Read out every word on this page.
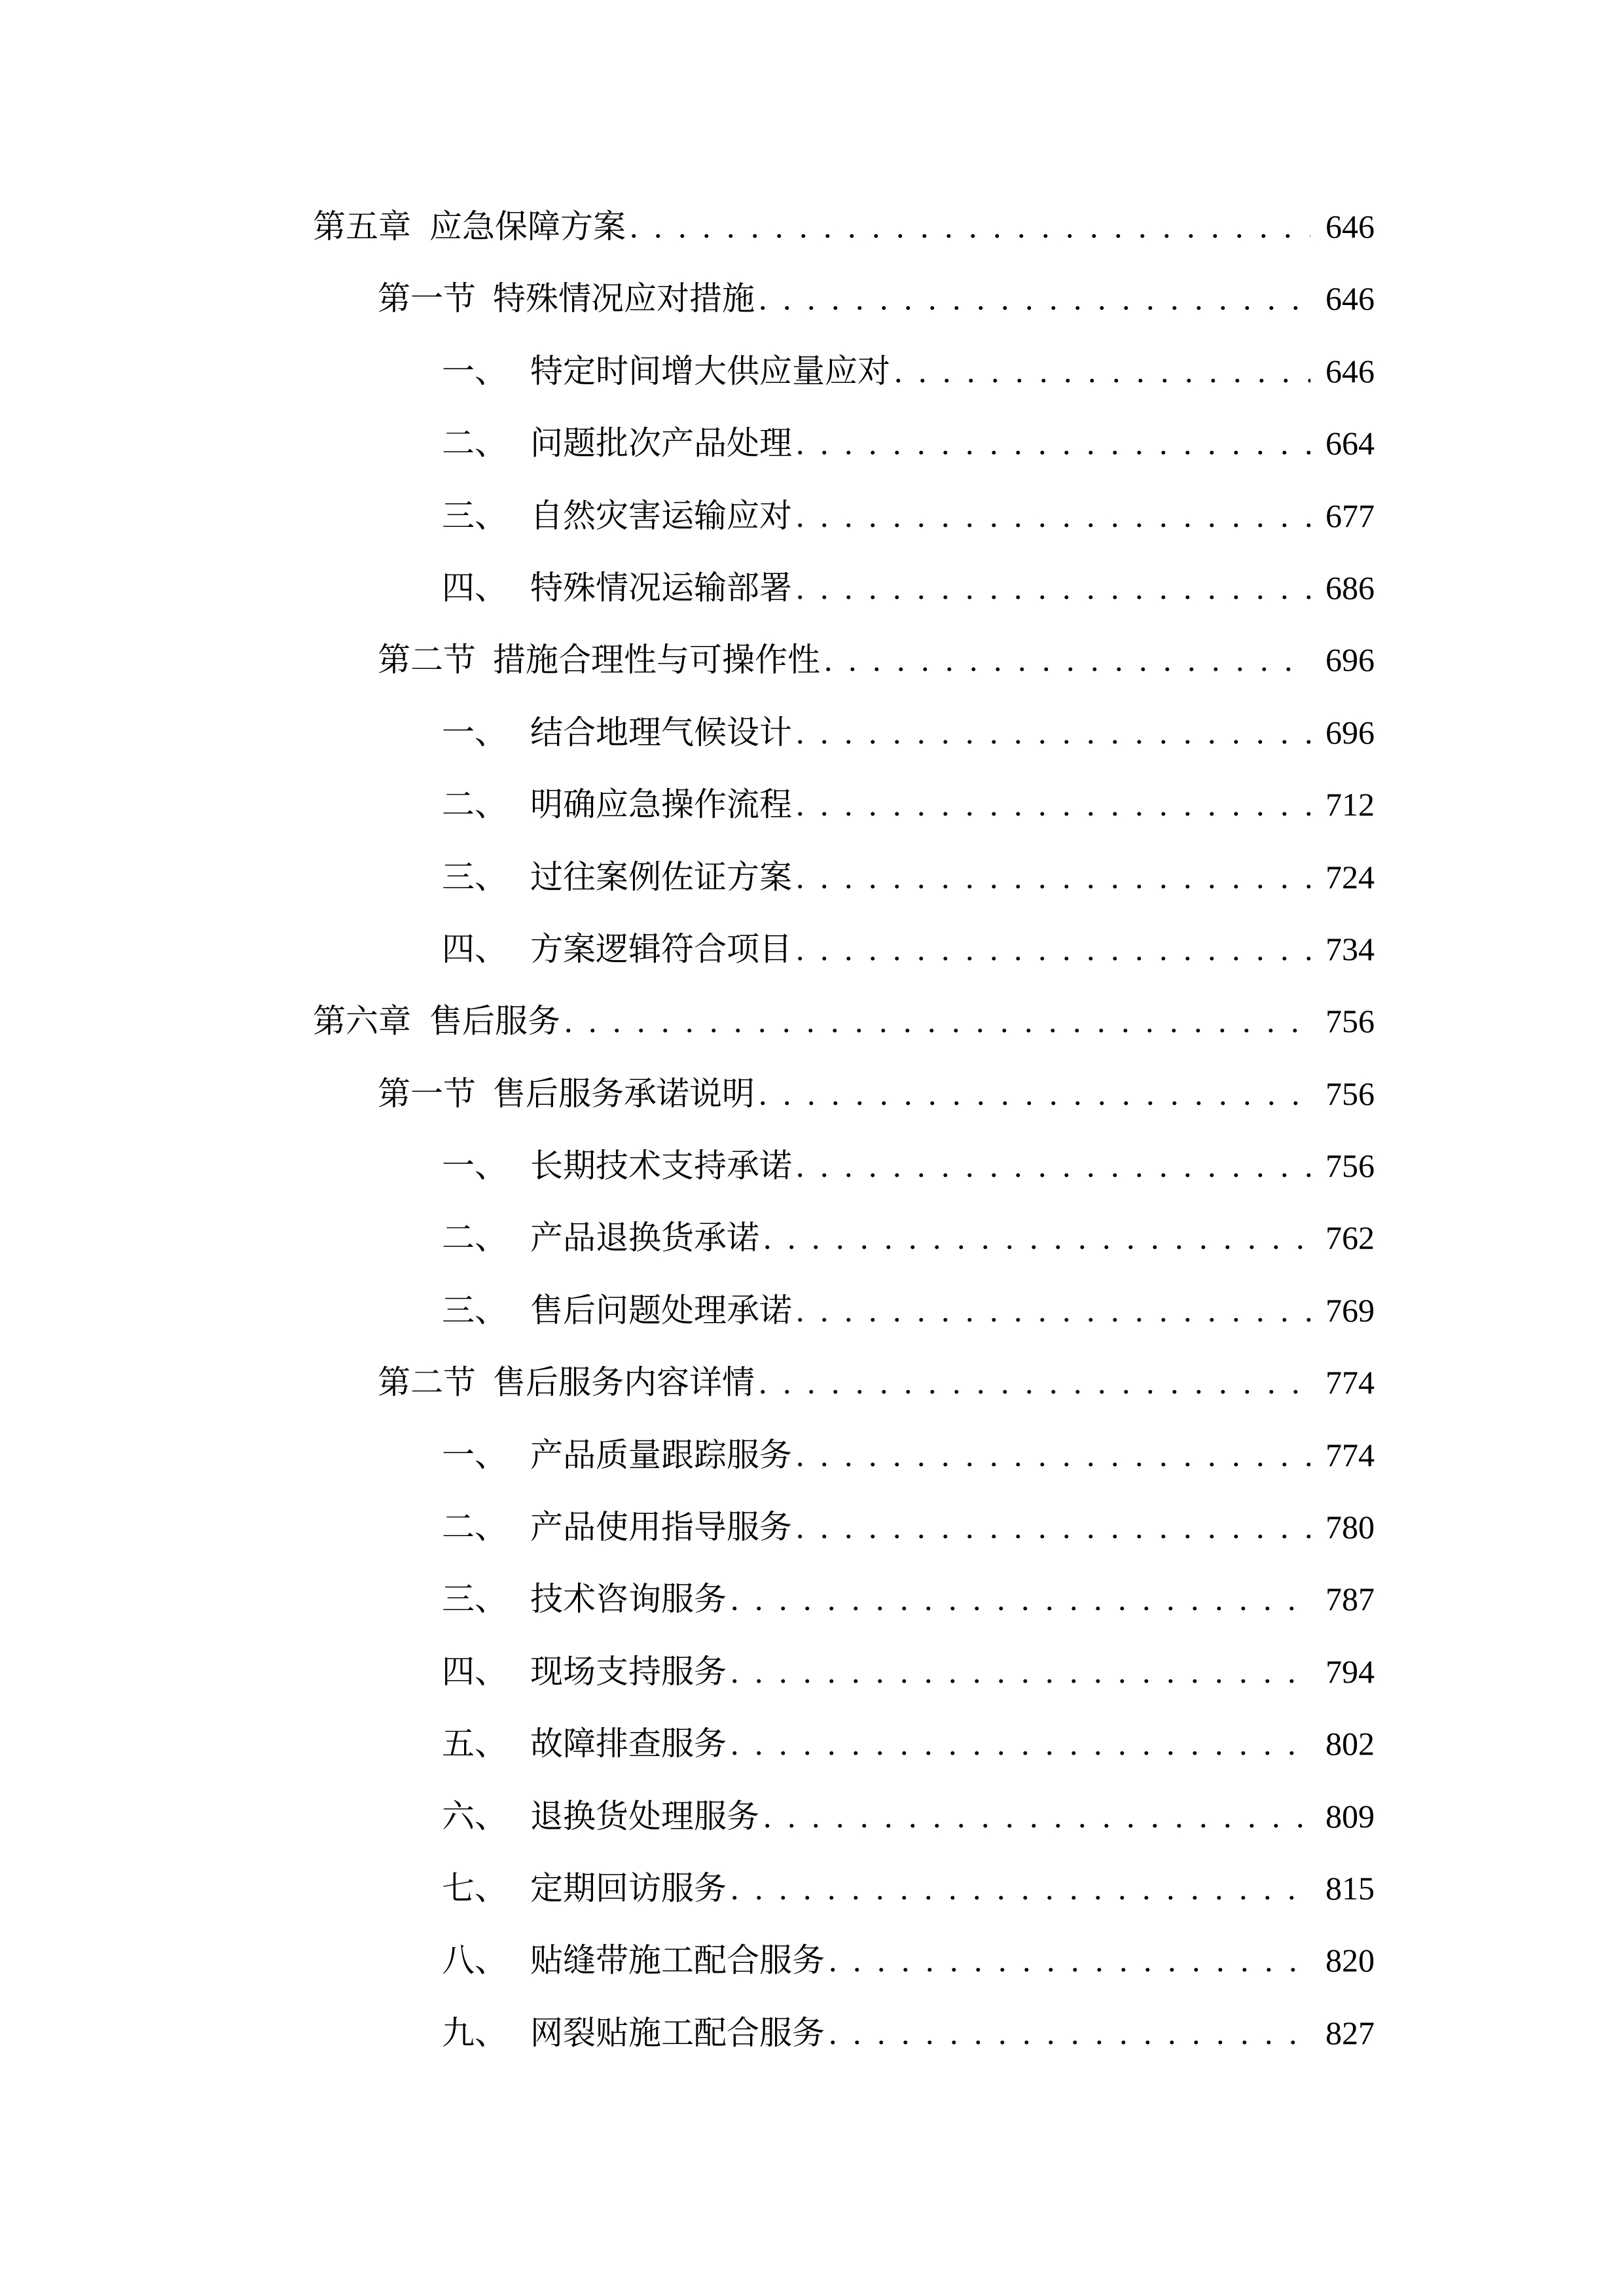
第五章 应急保障方案 . . .	646
第一节 特殊情况应对措施 . . .	646
一、 特定时间增大供应量应对 . . .	646
二、 问题批次产品处理 . . .	664
三、 自然灾害运输应对 . . .	677
四、 特殊情况运输部署 . . .	686
第二节 措施合理性与可操作性 . . .	696
一、 结合地理气候设计 . . .	696
二、 明确应急操作流程 . . .	712
三、 过往案例佐证方案 . . .	724
四、 方案逻辑符合项目 . . .	734
第六章 售后服务 . . .	756
第一节 售后服务承诺说明 . . .	756
一、 长期技术支持承诺 . . .	756
二、 产品退换货承诺 . . .	762
三、 售后问题处理承诺 . . .	769
第二节 售后服务内容详情 . . .	774
一、 产品质量跟踪服务 . . .	774
二、 产品使用指导服务 . . .	780
三、 技术咨询服务 . . .	787
四、 现场支持服务 . . .	794
五、 故障排查服务 . . .	802
六、 退换货处理服务 . . .	809
七、 定期回访服务 . . .	815
八、 贴缝带施工配合服务 . . .	820
九、 网裂贴施工配合服务 . . .	827
